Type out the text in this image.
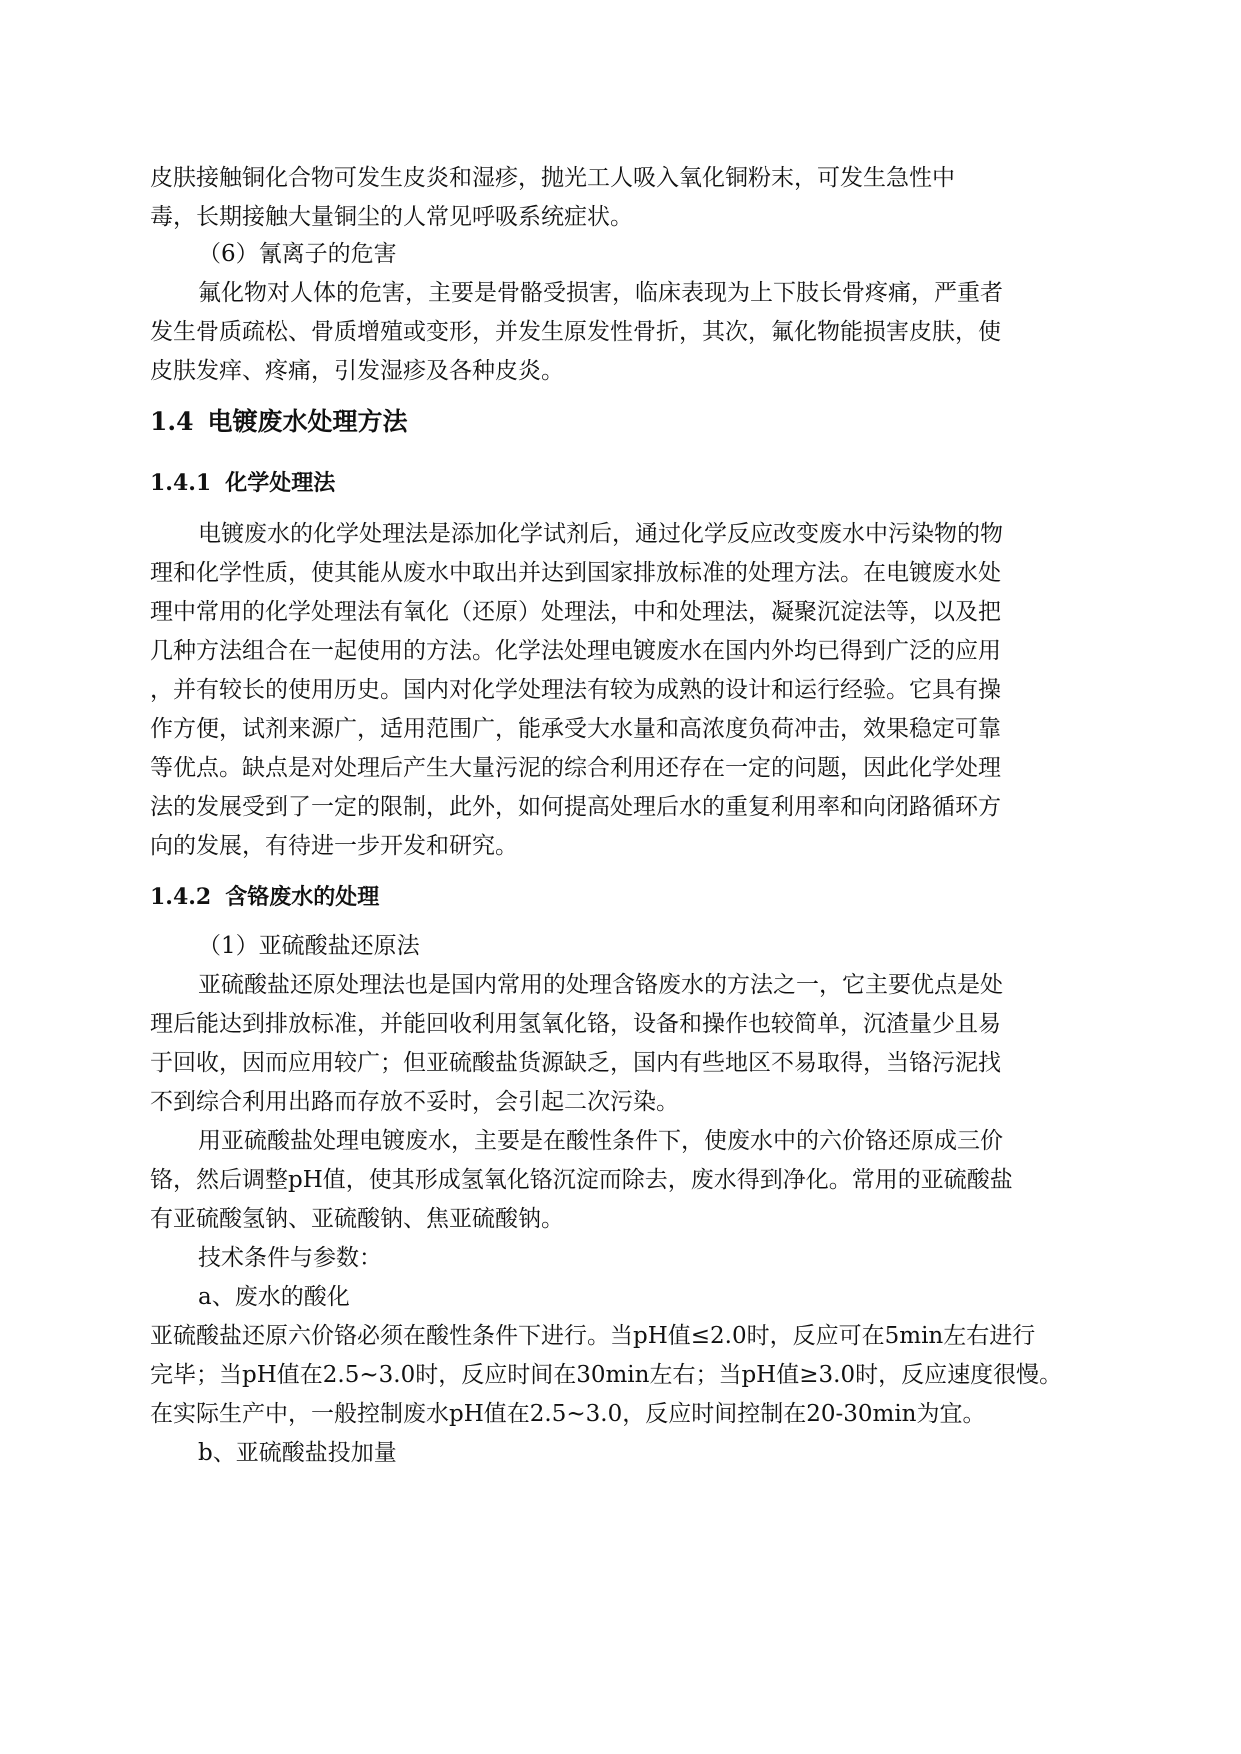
皮肤接触铜化合物可发生皮炎和湿疹，抛光工人吸入氧化铜粉末，可发生急性中
毒，长期接触大量铜尘的人常见呼吸系统症状。
（6）氰离子的危害
氟化物对人体的危害，主要是骨骼受损害，临床表现为上下肢长骨疼痛，严重者
发生骨质疏松、骨质增殖或变形，并发生原发性骨折，其次，氟化物能损害皮肤，使
皮肤发痒、疼痛，引发湿疹及各种皮炎。
1.4 电镀废水处理方法
1.4.1 化学处理法
电镀废水的化学处理法是添加化学试剂后，通过化学反应改变废水中污染物的物
理和化学性质，使其能从废水中取出并达到国家排放标准的处理方法。在电镀废水处
理中常用的化学处理法有氧化（还原）处理法，中和处理法，凝聚沉淀法等，以及把
几种方法组合在一起使用的方法。化学法处理电镀废水在国内外均已得到广泛的应用
，并有较长的使用历史。国内对化学处理法有较为成熟的设计和运行经验。它具有操
作方便，试剂来源广，适用范围广，能承受大水量和高浓度负荷冲击，效果稳定可靠
等优点。缺点是对处理后产生大量污泥的综合利用还存在一定的问题，因此化学处理
法的发展受到了一定的限制，此外，如何提高处理后水的重复利用率和向闭路循环方
向的发展，有待进一步开发和研究。
1.4.2 含铬废水的处理
（1）亚硫酸盐还原法
亚硫酸盐还原处理法也是国内常用的处理含铬废水的方法之一，它主要优点是处
理后能达到排放标准，并能回收利用氢氧化铬，设备和操作也较简单，沉渣量少且易
于回收，因而应用较广；但亚硫酸盐货源缺乏，国内有些地区不易取得，当铬污泥找
不到综合利用出路而存放不妥时，会引起二次污染。
用亚硫酸盐处理电镀废水，主要是在酸性条件下，使废水中的六价铬还原成三价
铬，然后调整pH值，使其形成氢氧化铬沉淀而除去，废水得到净化。常用的亚硫酸盐
有亚硫酸氢钠、亚硫酸钠、焦亚硫酸钠。
技术条件与参数：
a、废水的酸化
亚硫酸盐还原六价铬必须在酸性条件下进行。当pH值≤2.0时，反应可在5min左右进行
完毕；当pH值在2.5~3.0时，反应时间在30min左右；当pH值≥3.0时，反应速度很慢。
在实际生产中，一般控制废水pH值在2.5~3.0，反应时间控制在20-30min为宜。
b、亚硫酸盐投加量
